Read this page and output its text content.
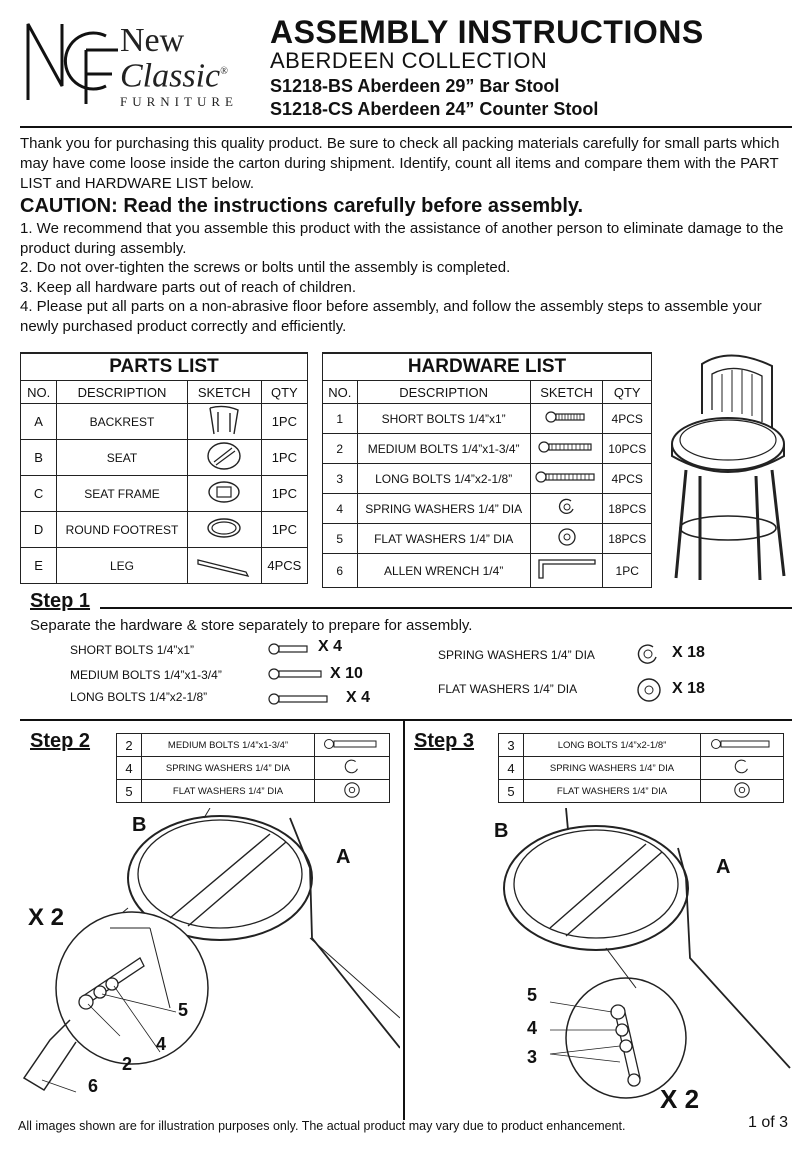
NCF
New
Classic®
FURNITURE
ASSEMBLY INSTRUCTIONS
ABERDEEN COLLECTION
S1218-BS Aberdeen 29” Bar Stool
S1218-CS Aberdeen 24” Counter Stool
Thank you for purchasing this quality product. Be sure to check all packing materials carefully for small parts which may have come loose inside the carton during shipment. Identify, count all items and compare them with the PART LIST and HARDWARE LIST below.
CAUTION: Read the instructions carefully before assembly.
1. We recommend that you assemble this product with the assistance of another person to eliminate damage to the product during assembly.
2. Do not over-tighten the screws or bolts until the assembly is completed.
3. Keep all hardware parts out of reach of children.
4. Please put all parts on a non-abrasive floor before assembly, and follow the assembly steps to assemble your newly purchased product correctly and efficiently.
PARTS LIST			
NO.	DESCRIPTION	SKETCH	QTY
A	BACKREST		1PC
B	SEAT		1PC
C	SEAT FRAME		1PC
D	ROUND FOOTREST		1PC
E	LEG		4PCS
HARDWARE LIST			
NO.	DESCRIPTION	SKETCH	QTY
1	SHORT BOLTS 1/4”x1”		4PCS
2	MEDIUM BOLTS 1/4”x1-3/4”		10PCS
3	LONG BOLTS 1/4”x2-1/8”		4PCS
4	SPRING WASHERS 1/4” DIA		18PCS
5	FLAT WASHERS 1/4” DIA		18PCS
6	ALLEN WRENCH 1/4”		1PC
Step 1
Separate the hardware & store separately to prepare for assembly.
SHORT BOLTS 1/4”x1”	X 4
MEDIUM BOLTS 1/4”x1-3/4”	X 10
LONG BOLTS 1/4”x2-1/8”	X 4
SPRING WASHERS 1/4” DIA	X 18
FLAT WASHERS 1/4” DIA	X 18
Step 2	2	MEDIUM BOLTS 1/4”x1-3/4”	
4	SPRING WASHERS 1/4” DIA	
5	FLAT WASHERS 1/4” DIA	
B
A
X 2
5
4
2
6
Step 3	3	LONG BOLTS 1/4”x2-1/8”	
4	SPRING WASHERS 1/4” DIA	
5	FLAT WASHERS 1/4” DIA	
B
A
5
4
3
X 2
All images shown are for illustration purposes only. The actual product may vary due to product enhancement.	1 of 3
